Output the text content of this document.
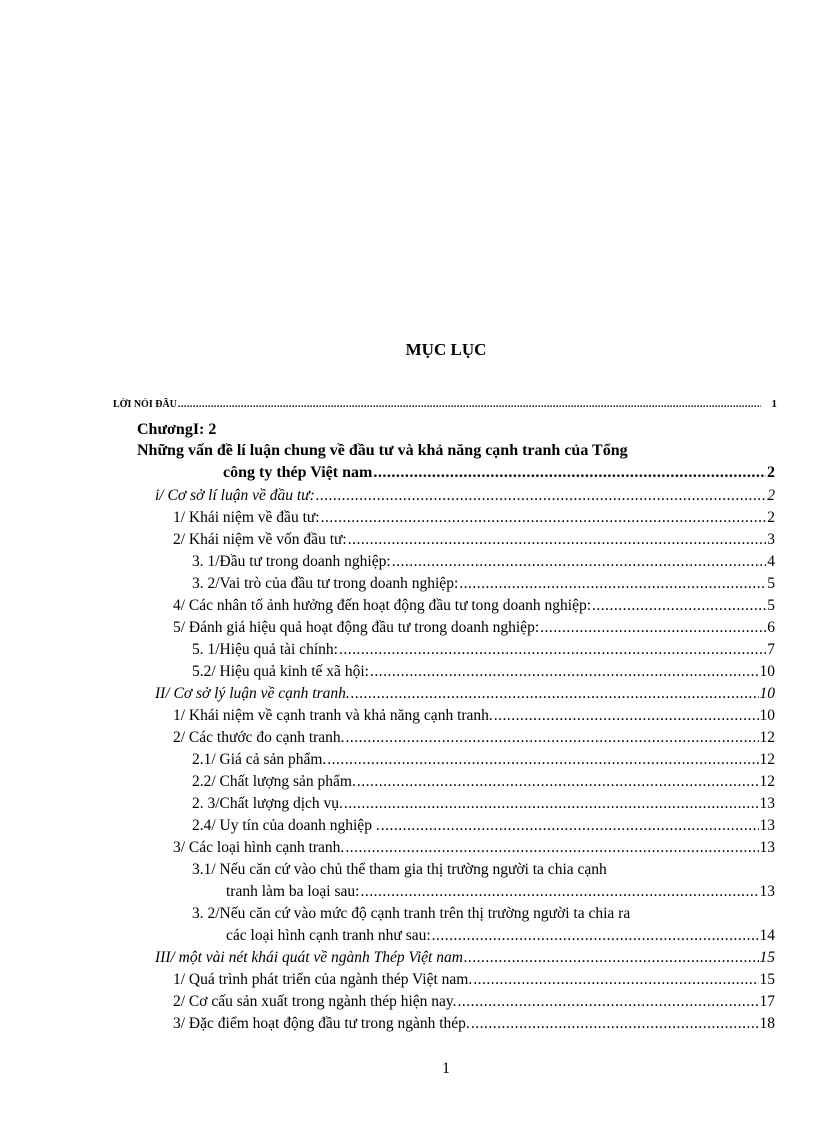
MỤC LỤC
LỜI NÓI ĐẦU .....	1
ChươngI: 2
Những vấn đề lí luận chung về đầu tư và khả năng cạnh tranh của Tổng
công ty thép Việt nam .....	2
i/ Cơ sở lí luận về đầu tư: .....	2
1/ Khái niệm về đầu tư: .....	2
2/ Khái niệm về vốn đầu tư: .....	3
3. 1/Đầu tư trong doanh nghiệp: .....	4
3. 2/Vai trò của đầu tư trong doanh nghiệp: .....	5
4/ Các nhân tố ảnh hưởng đến hoạt động đầu tư tong doanh nghiệp: .....	5
5/ Đánh giá hiệu quả hoạt động đầu tư trong doanh nghiệp: .....	6
5. 1/Hiệu quả tài chính: .....	7
5.2/ Hiệu quả kinh tế xã hội: .....	10
II/ Cơ sở lý luận về cạnh tranh. .....	10
1/ Khái niệm về cạnh tranh và khả năng cạnh tranh. .....	10
2/ Các thước đo cạnh tranh. .....	12
2.1/ Giá cả sản phẩm. .....	12
2.2/ Chất lượng sản phẩm. .....	12
2. 3/Chất lượng dịch vụ. .....	13
2.4/ Uy tín của doanh nghiệp . .....	13
3/ Các loại hình cạnh tranh. .....	13
3.1/ Nếu căn cứ vào chủ thể tham gia thị trường người ta chia cạnh
tranh làm ba loại sau: .....	13
3. 2/Nếu căn cứ vào mức độ cạnh tranh trên thị trường người ta chia ra
các loại hình cạnh tranh như sau: .....	14
III/ một vài nét khái quát về ngành Thép Việt nam .....	15
1/ Quá trình phát triển của ngành thép Việt nam. .....	15
2/ Cơ cấu sản xuất trong ngành thép hiện nay. .....	17
3/ Đặc điểm hoạt động đầu tư trong ngành thép. .....	18
1
